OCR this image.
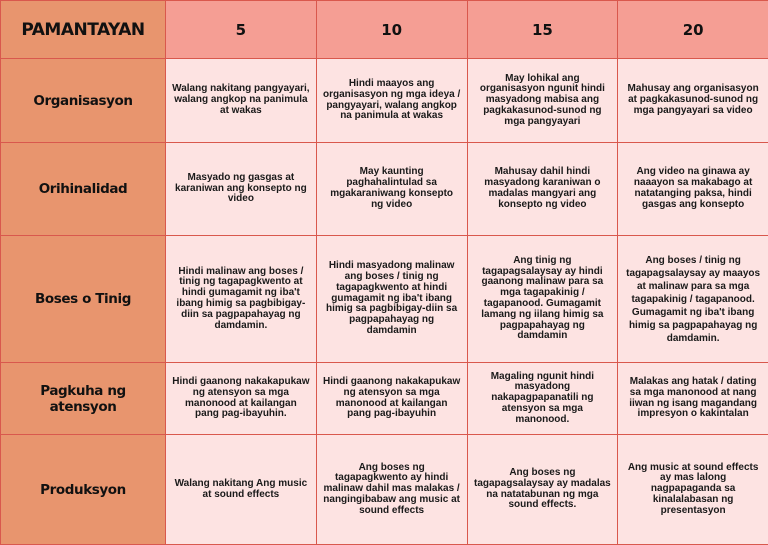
PAMANTAYAN	5	10	15	20
Organisasyon	Walang nakitang pangyayari, walang angkop na panimula at wakas	Hindi maayos ang organisasyon ng mga ideya / pangyayari, walang angkop na panimula at wakas	May lohikal ang organisasyon ngunit hindi masyadong mabisa ang pagkakasunod-sunod ng mga pangyayari	Mahusay ang organisasyon at pagkakasunod-sunod ng mga pangyayari sa video
Orihinalidad	Masyado ng gasgas at karaniwan ang konsepto ng video	May kaunting paghahalintulad sa mgakaraniwang konsepto ng video	Mahusay dahil hindi masyadong karaniwan o madalas mangyari ang konsepto ng video	Ang video na ginawa ay naaayon sa makabago at natatanging paksa, hindi gasgas ang konsepto
Boses o Tinig	Hindi malinaw ang boses / tinig ng tagapagkwento at hindi gumagamit ng iba't ibang himig sa pagbibigay-diin sa pagpapahayag ng damdamin.	Hindi masyadong malinaw ang boses / tinig ng tagapagkwento at hindi gumagamit ng iba't ibang himig sa pagbibigay-diin sa pagpapahayag ng damdamin	Ang tinig ng tagapagsalaysay ay hindi gaanong malinaw para sa mga tagapakinig / tagapanood. Gumagamit lamang ng iilang himig sa pagpapahayag ng damdamin	Ang boses / tinig ng tagapagsalaysay ay maayos at malinaw para sa mga tagapakinig / tagapanood. Gumagamit ng iba't ibang himig sa pagpapahayag ng damdamin.
Pagkuha ng atensyon	Hindi gaanong nakakapukaw ng atensyon sa mga manonood at kailangan pang pag-ibayuhin.	Hindi gaanong nakakapukaw ng atensyon sa mga manonood at kailangan pang pag-ibayuhin	Magaling ngunit hindi masyadong nakapagpapanatili ng atensyon sa mga manonood.	Malakas ang hatak / dating sa mga manonood at nang iiwan ng isang magandang impresyon o kakintalan
Produksyon	Walang nakitang Ang music at sound effects	Ang boses ng tagapagkwento ay hindi malinaw dahil mas malakas / nangingibabaw ang music at sound effects	Ang boses ng tagapagsalaysay ay madalas na natatabunan ng mga sound effects.	Ang music at sound effects ay mas lalong nagpapaganda sa kinalalabasan ng presentasyon
